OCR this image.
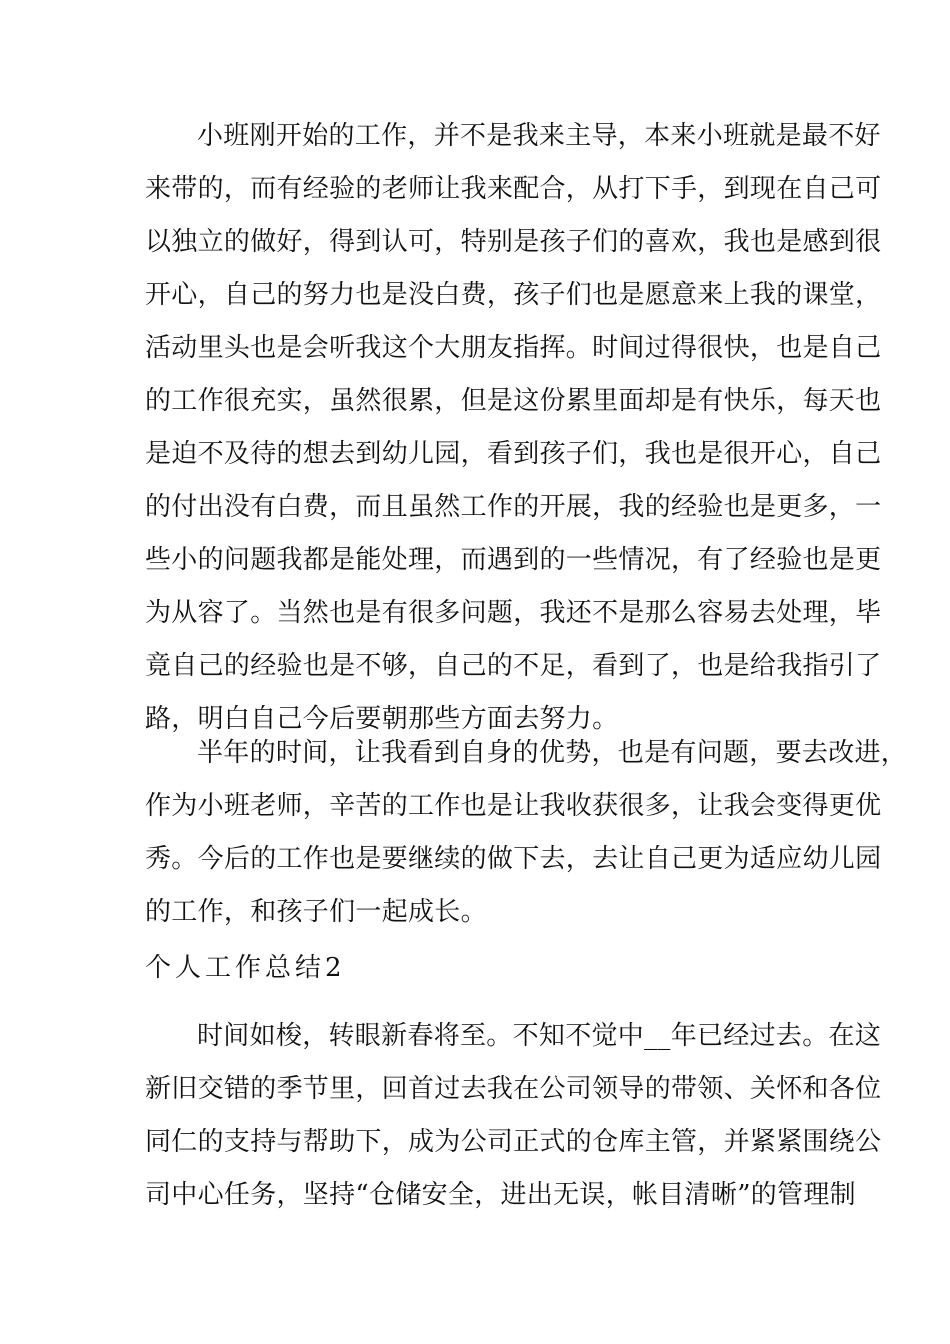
小班刚开始的工作，并不是我来主导，本来小班就是最不好
来带的，而有经验的老师让我来配合，从打下手，到现在自己可
以独立的做好，得到认可，特别是孩子们的喜欢，我也是感到很
开心，自己的努力也是没白费，孩子们也是愿意来上我的课堂，
活动里头也是会听我这个大朋友指挥。时间过得很快，也是自己
的工作很充实，虽然很累，但是这份累里面却是有快乐，每天也
是迫不及待的想去到幼儿园，看到孩子们，我也是很开心，自己
的付出没有白费，而且虽然工作的开展，我的经验也是更多，一
些小的问题我都是能处理，而遇到的一些情况，有了经验也是更
为从容了。当然也是有很多问题，我还不是那么容易去处理，毕
竟自己的经验也是不够，自己的不足，看到了，也是给我指引了
路，明白自己今后要朝那些方面去努力。
半年的时间，让我看到自身的优势，也是有问题，要去改进，
作为小班老师，辛苦的工作也是让我收获很多，让我会变得更优
秀。今后的工作也是要继续的做下去，去让自己更为适应幼儿园
的工作，和孩子们一起成长。
个人工作总结2
时间如梭，转眼新春将至。不知不觉中__年已经过去。在这
新旧交错的季节里，回首过去我在公司领导的带领、关怀和各位
同仁的支持与帮助下，成为公司正式的仓库主管，并紧紧围绕公
司中心任务，坚持“仓储安全，进出无误，帐目清晰”的管理制
